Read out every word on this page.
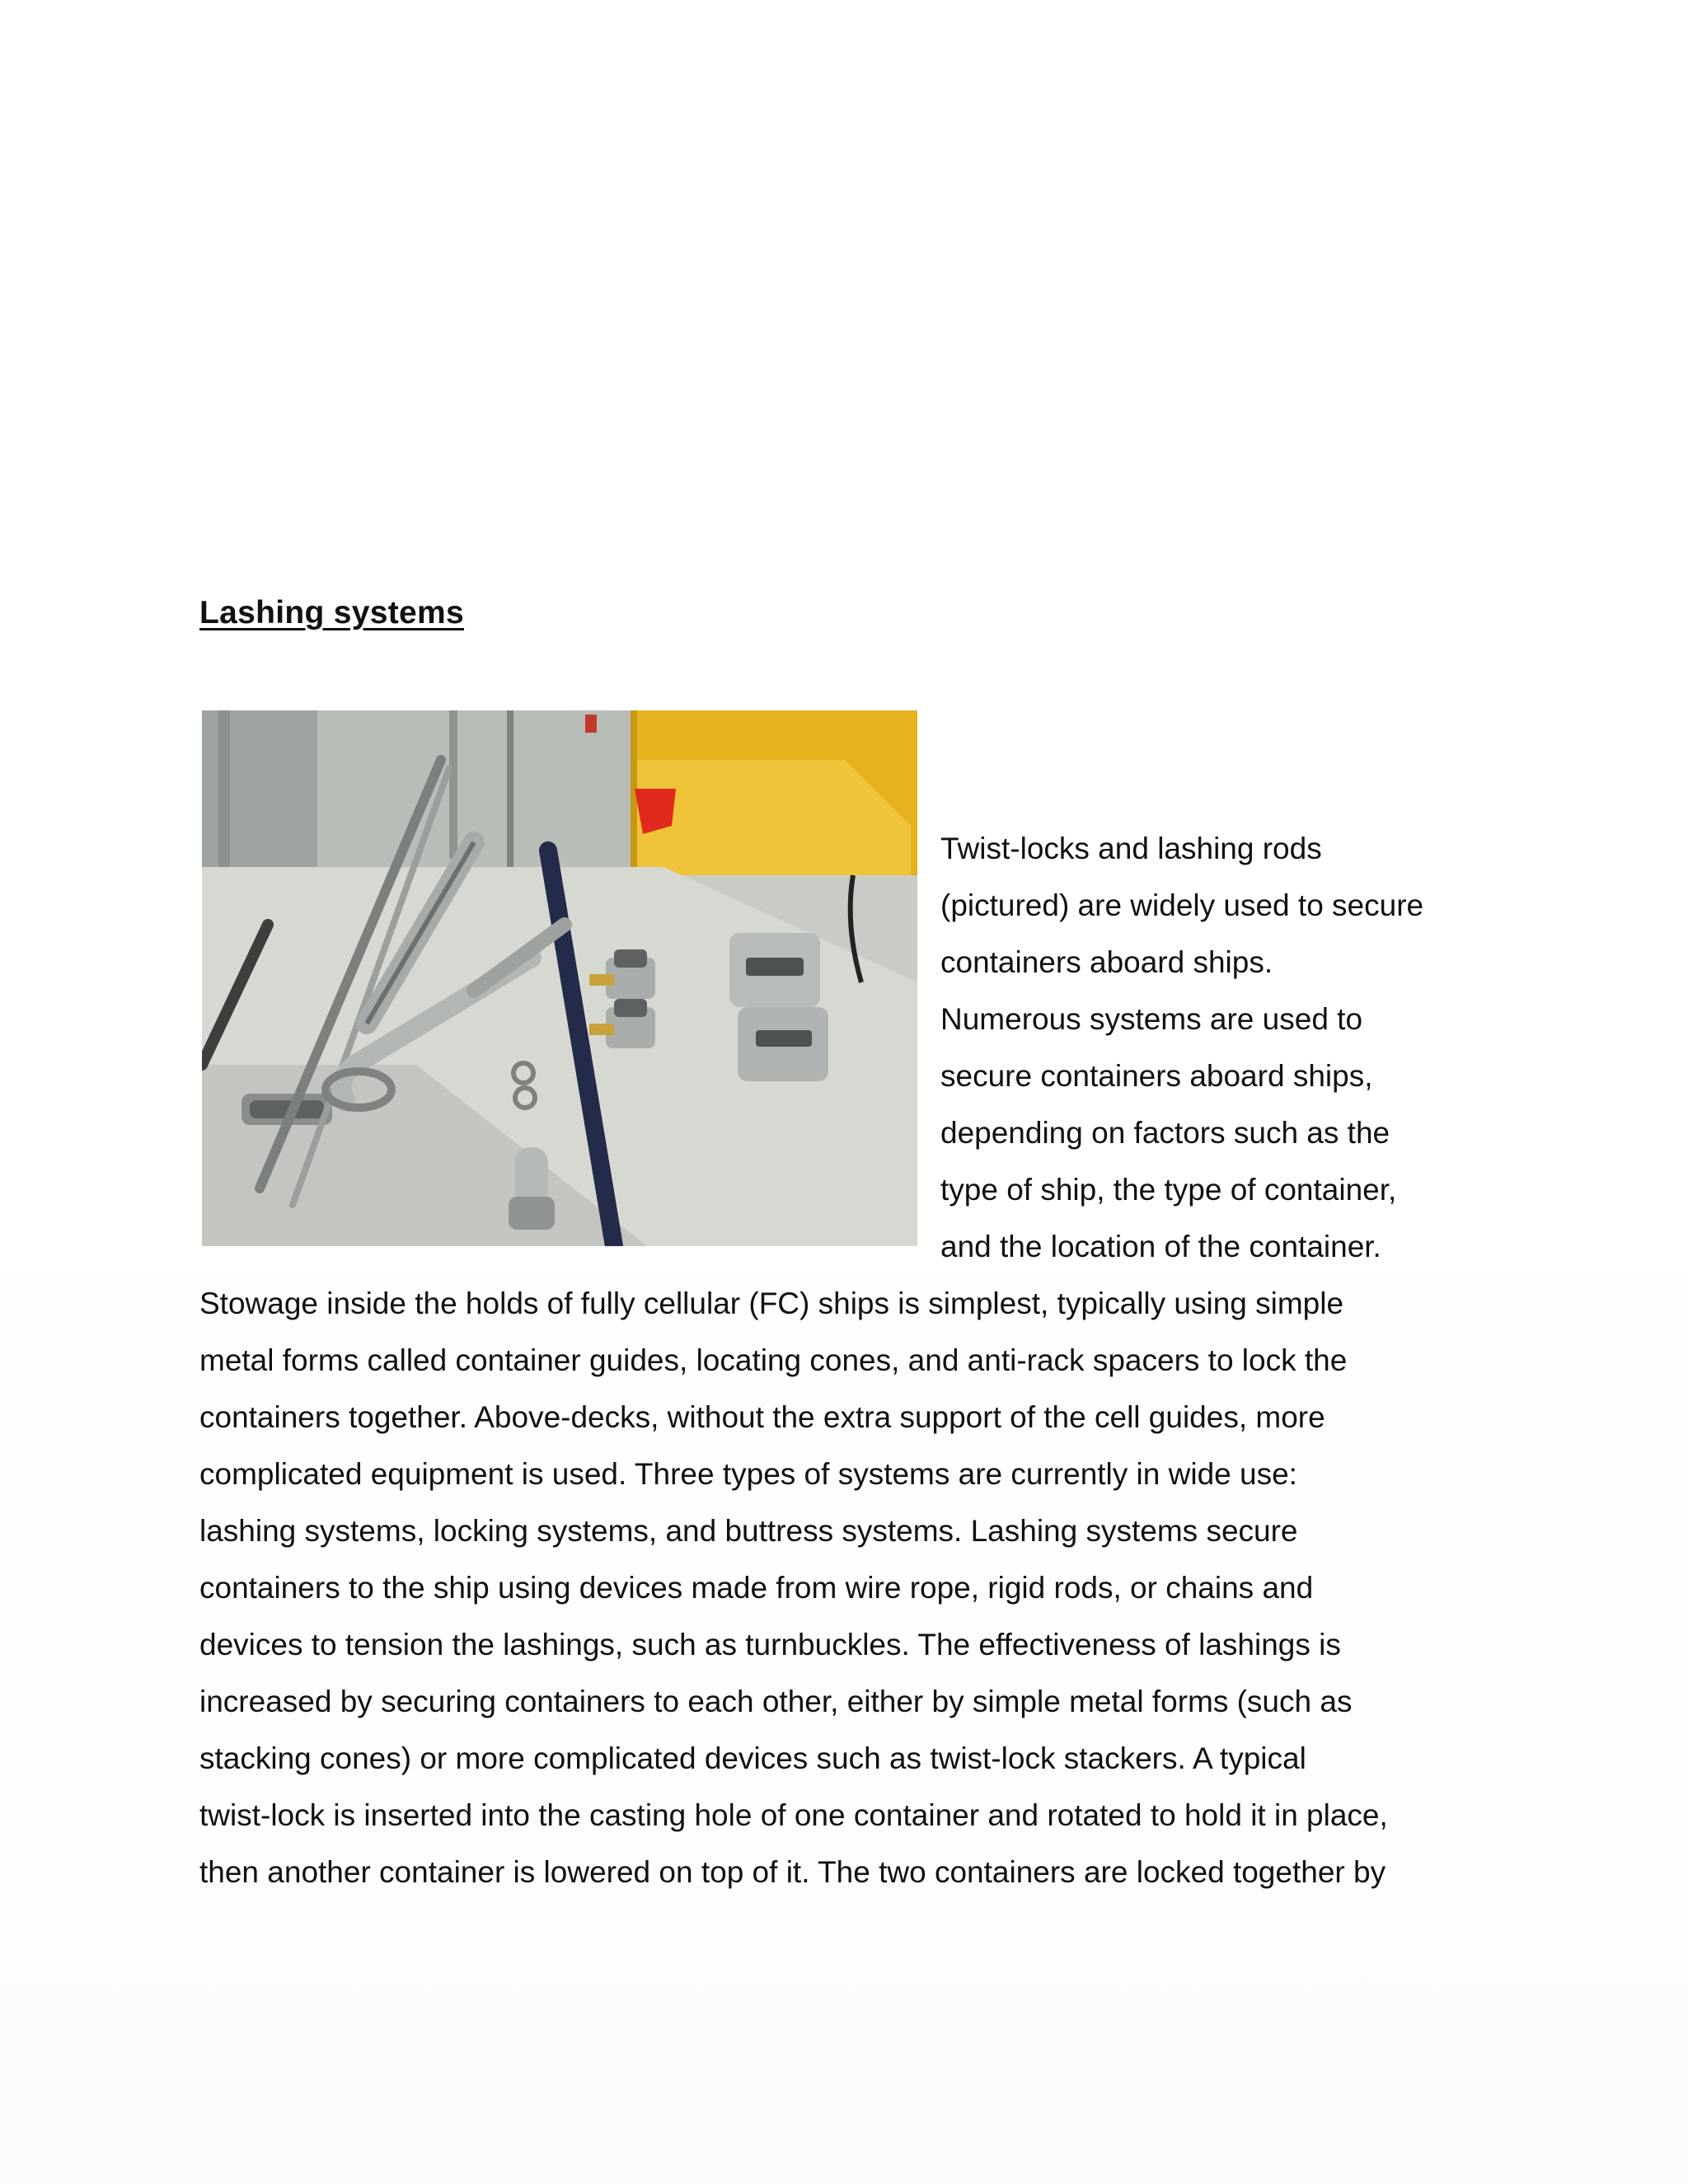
Lashing systems

Twist-locks and lashing rods

(pictured) are widely used to secure

containers aboard ships.

Numerous systems are used to

secure containers aboard ships,

depending on factors such as the

type of ship, the type of container,

and the location of the container.

Stowage inside the holds of fully cellular (FC) ships is simplest, typically using simple

metal forms called container guides, locating cones, and anti-rack spacers to lock the

containers together. Above-decks, without the extra support of the cell guides, more

complicated equipment is used. Three types of systems are currently in wide use:

lashing systems, locking systems, and buttress systems. Lashing systems secure

containers to the ship using devices made from wire rope, rigid rods, or chains and

devices to tension the lashings, such as turnbuckles. The effectiveness of lashings is

increased by securing containers to each other, either by simple metal forms (such as

stacking cones) or more complicated devices such as twist-lock stackers. A typical

twist-lock is inserted into the casting hole of one container and rotated to hold it in place,

then another container is lowered on top of it. The two containers are locked together by
